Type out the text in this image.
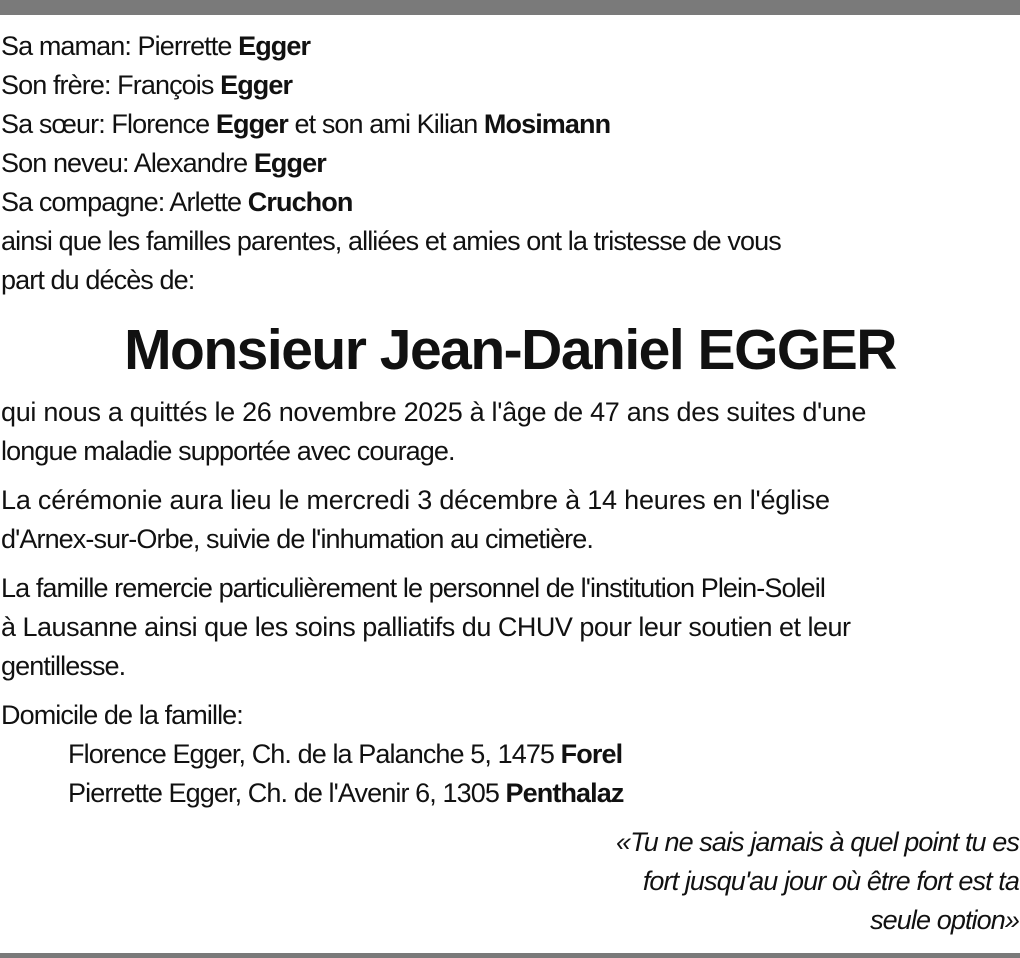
Sa maman: Pierrette Egger
Son frère: François Egger
Sa sœur: Florence Egger et son ami Kilian Mosimann
Son neveu: Alexandre Egger
Sa compagne: Arlette Cruchon
ainsi que les familles parentes, alliées et amies ont la tristesse de vous
part du décès de:
Monsieur Jean-Daniel EGGER
qui nous a quittés le 26 novembre 2025 à l'âge de 47 ans des suites d'une
longue maladie supportée avec courage.
La cérémonie aura lieu le mercredi 3 décembre à 14 heures en l'église
d'Arnex-sur-Orbe, suivie de l'inhumation au cimetière.
La famille remercie particulièrement le personnel de l'institution Plein-Soleil
à Lausanne ainsi que les soins palliatifs du CHUV pour leur soutien et leur
gentillesse.
Domicile de la famille:
Florence Egger, Ch. de la Palanche 5, 1475 Forel
Pierrette Egger, Ch. de l'Avenir 6, 1305 Penthalaz
«Tu ne sais jamais à quel point tu es
fort jusqu'au jour où être fort est ta
seule option»
